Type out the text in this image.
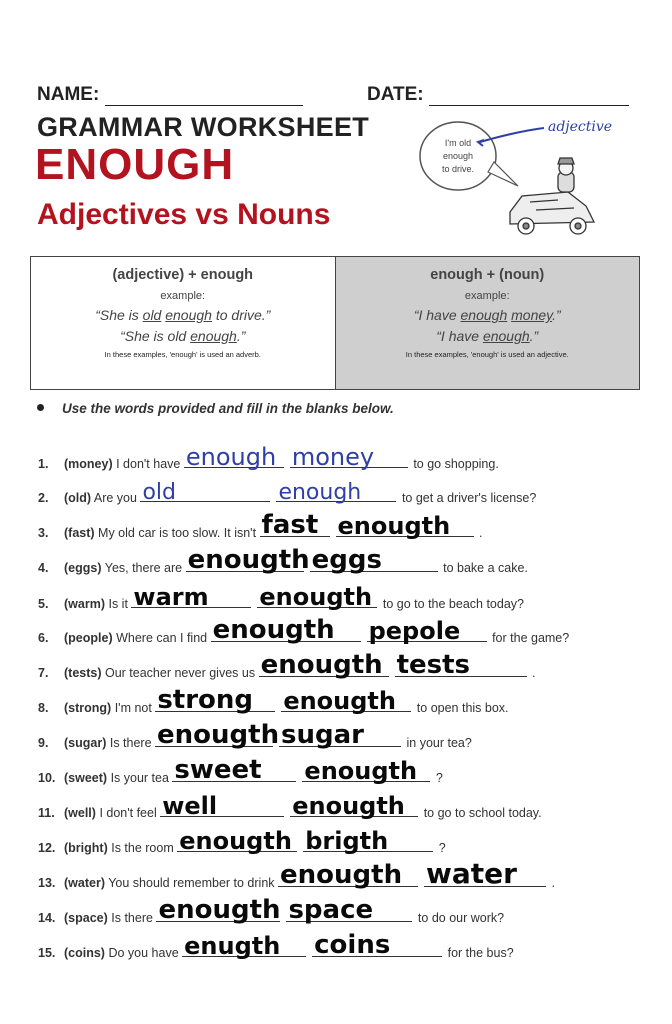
NAME:	DATE:
GRAMMAR WORKSHEET
ENOUGH
Adjectives vs Nouns
I'm old
enough
to drive.
adjective
(adjective) + enough
example:
“She is old enough to drive.”
“She is old enough.”
In these examples, 'enough' is used an adverb.
enough + (noun)
example:
“I have enough money.”
“I have enough.”
In these examples, 'enough' is used an adjective.
Use the words provided and fill in the blanks below.
1. (money) I don't have enough money	to go shopping.
2. (old) Are you old	enough	to get a driver's license?
3. (fast) My old car is too slow. It isn't fast enougth .
4. (eggs) Yes, there are enougth eggs	to bake a cake.
5. (warm) Is it warm enougth to go to the beach today?
6. (people) Where can I find enougth pepole	for the game?
7. (tests) Our teacher never gives us enougth tests	.
8. (strong) I'm not strong enougth to open this box.
9. (sugar) Is there enougth sugar	in your tea?
10. (sweet) Is your tea sweet enougth ?
11. (well) I don't feel well	enougth to go to school today.
12. (bright) Is the room enougth brigth	?
13. (water) You should remember to drink enougth water	.
14. (space) Is there enougth space	to do our work?
15. (coins) Do you have enugth coins	for the bus?
